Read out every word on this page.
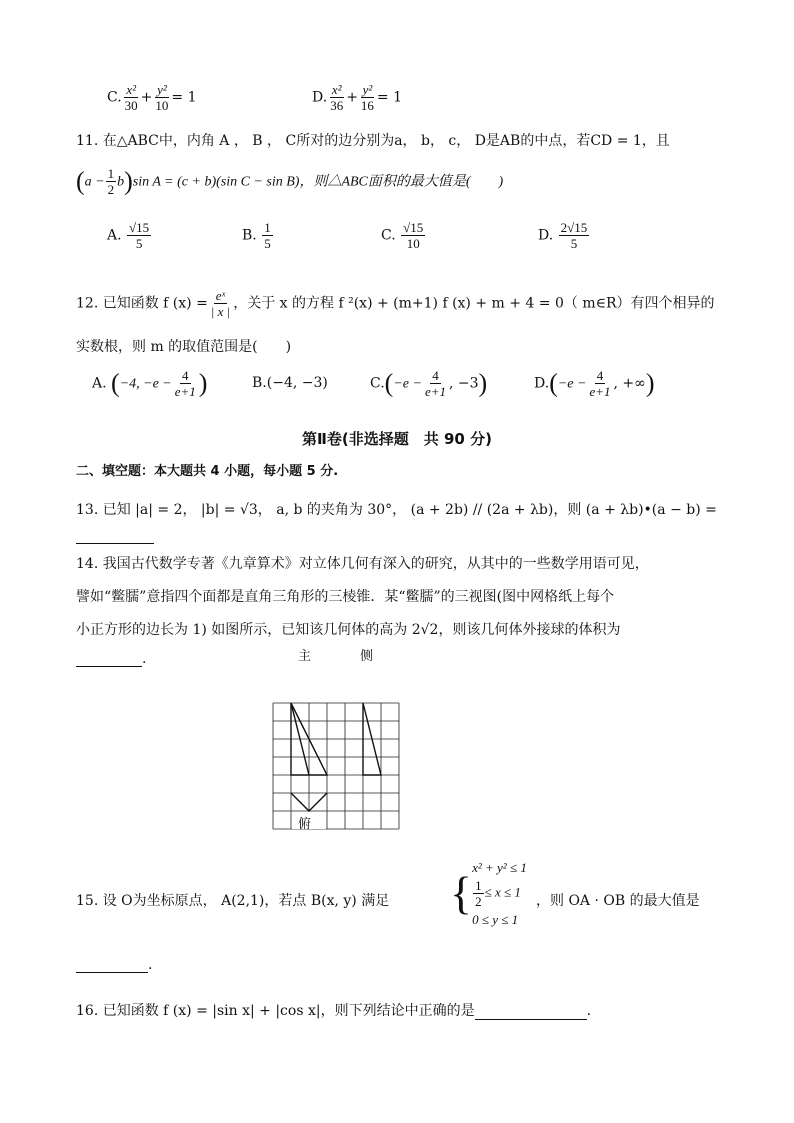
C. $\frac{\text{x²}}{30} + \frac{\text{y²}}{10} = 1$	D. $\frac{\text{x²}}{36} + \frac{\text{y²}}{16} = 1$
11. 在△ABC中，内角 A ， B ， C所对的边分别为a， b， c， D是AB的中点，若CD = 1，且
$(a - \frac{1}{2} b)\sin$ A = (c + b)(sin C − sin B)，则△ABC面积的最大值是(　　)
A. $\frac{√15}{5}$	B. $\frac{1}{5}$	C. $\frac{√15}{10}$	D. $\frac{2√15}{5}$
12. 已知函数 f $(x) = \frac{\text{eˣ}}{| x |}$ ，关于 x 的方程 f ²(x) + (m+1) f (x) + m + 4 = 0（ m∈R）有四个相异的
实数根，则 m 的取值范围是(　　)
A. (−4, $-e - \frac{4}{e+1}$ )	B.(−4, −3)	$C.(-e - \frac{4}{e+1}$ , −3)	$D.(-e - \frac{4}{e+1}$ , +∞)
第Ⅱ卷(非选择题　共 90 分)
二、填空题：本大题共 4 小题，每小题 5 分.
13. 已知 |a| = 2， |b| = √3， a, b 的夹角为 30°， (a + 2b) // (2a + λb)，则 (a + λb)•(a − b) =
14. 我国古代数学专著《九章算术》对立体几何有深入的研究，从其中的一些数学用语可见，
譬如“鳖臑”意指四个面都是直角三角形的三棱锥．某“鳖臑”的三视图(图中网格纸上每个
小正方形的边长为 1) 如图所示，已知该几何体的高为 2√2，则该几何体外接球的体积为
.	主	侧
俯
15. 设 O为坐标原点， A(2,1)，若点 B(x, y) 满足 {x² + y² ≤ 1

$\frac{1}{2} \le x \le 1$
0 ≤ y ≤ 1
，则 OA · OB 的最大值是
.
16. 已知函数 f (x) = |sin x| + |cos x|，则下列结论中正确的是	.
